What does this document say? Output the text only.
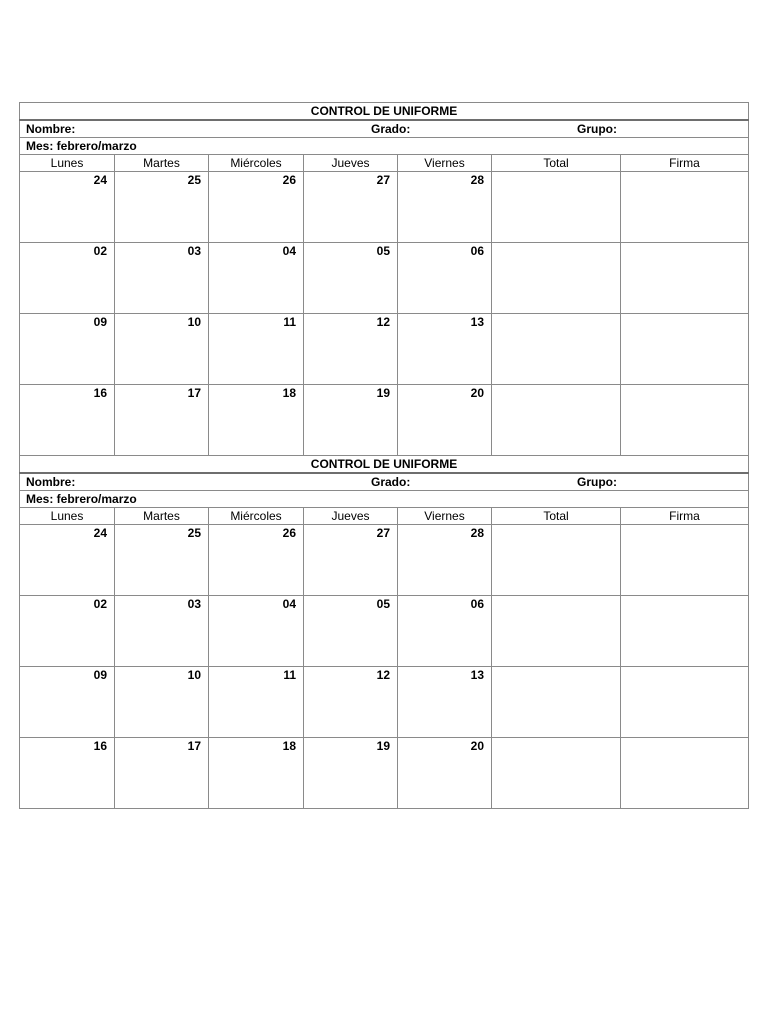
CONTROL DE UNIFORME						

Nombre: Grado: Grupo:						

Mes: febrero/marzo						
Lunes	Martes	Miércoles	Jueves	Viernes	Total	Firma
24	25	26	27	28		
02	03	04	05	06		
09	10	11	12	13		
16	17	18	19	20		
CONTROL DE UNIFORME						

Nombre: Grado: Grupo:						

Mes: febrero/marzo						
Lunes	Martes	Miércoles	Jueves	Viernes	Total	Firma
24	25	26	27	28		
02	03	04	05	06		
09	10	11	12	13		
16	17	18	19	20		
